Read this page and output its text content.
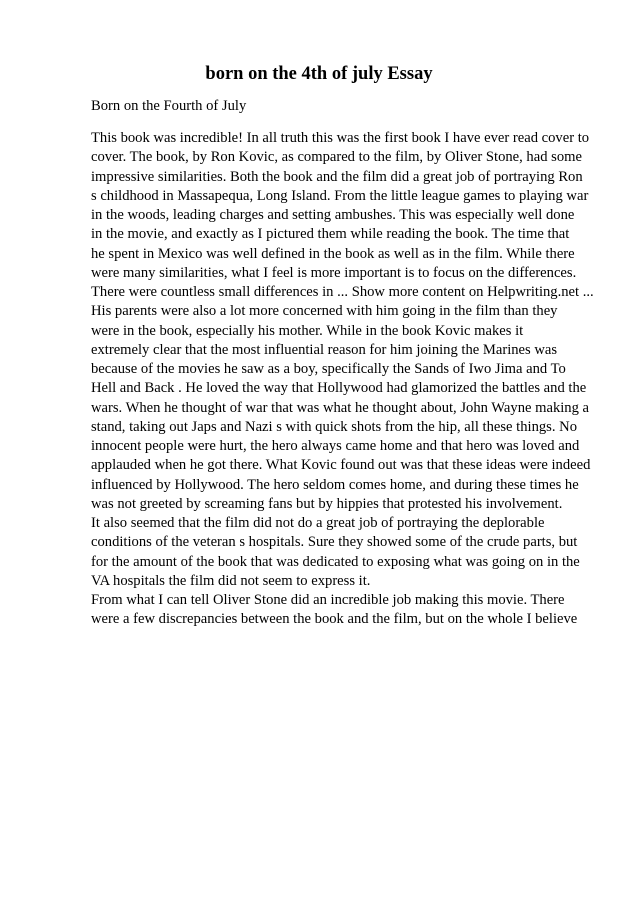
born on the 4th of july Essay

Born on the Fourth of July

This book was incredible! In all truth this was the first book I have ever read cover to
cover. The book, by Ron Kovic, as compared to the film, by Oliver Stone, had some
impressive similarities. Both the book and the film did a great job of portraying Ron
s childhood in Massapequa, Long Island. From the little league games to playing war
in the woods, leading charges and setting ambushes. This was especially well done
in the movie, and exactly as I pictured them while reading the book. The time that
he spent in Mexico was well defined in the book as well as in the film. While there
were many similarities, what I feel is more important is to focus on the differences.
There were countless small differences in ... Show more content on Helpwriting.net ...
His parents were also a lot more concerned with him going in the film than they
were in the book, especially his mother. While in the book Kovic makes it
extremely clear that the most influential reason for him joining the Marines was
because of the movies he saw as a boy, specifically the Sands of Iwo Jima and To
Hell and Back . He loved the way that Hollywood had glamorized the battles and the
wars. When he thought of war that was what he thought about, John Wayne making a
stand, taking out Japs and Nazi s with quick shots from the hip, all these things. No
innocent people were hurt, the hero always came home and that hero was loved and
applauded when he got there. What Kovic found out was that these ideas were indeed
influenced by Hollywood. The hero seldom comes home, and during these times he
was not greeted by screaming fans but by hippies that protested his involvement.
It also seemed that the film did not do a great job of portraying the deplorable
conditions of the veteran s hospitals. Sure they showed some of the crude parts, but
for the amount of the book that was dedicated to exposing what was going on in the
VA hospitals the film did not seem to express it.
From what I can tell Oliver Stone did an incredible job making this movie. There
were a few discrepancies between the book and the film, but on the whole I believe
